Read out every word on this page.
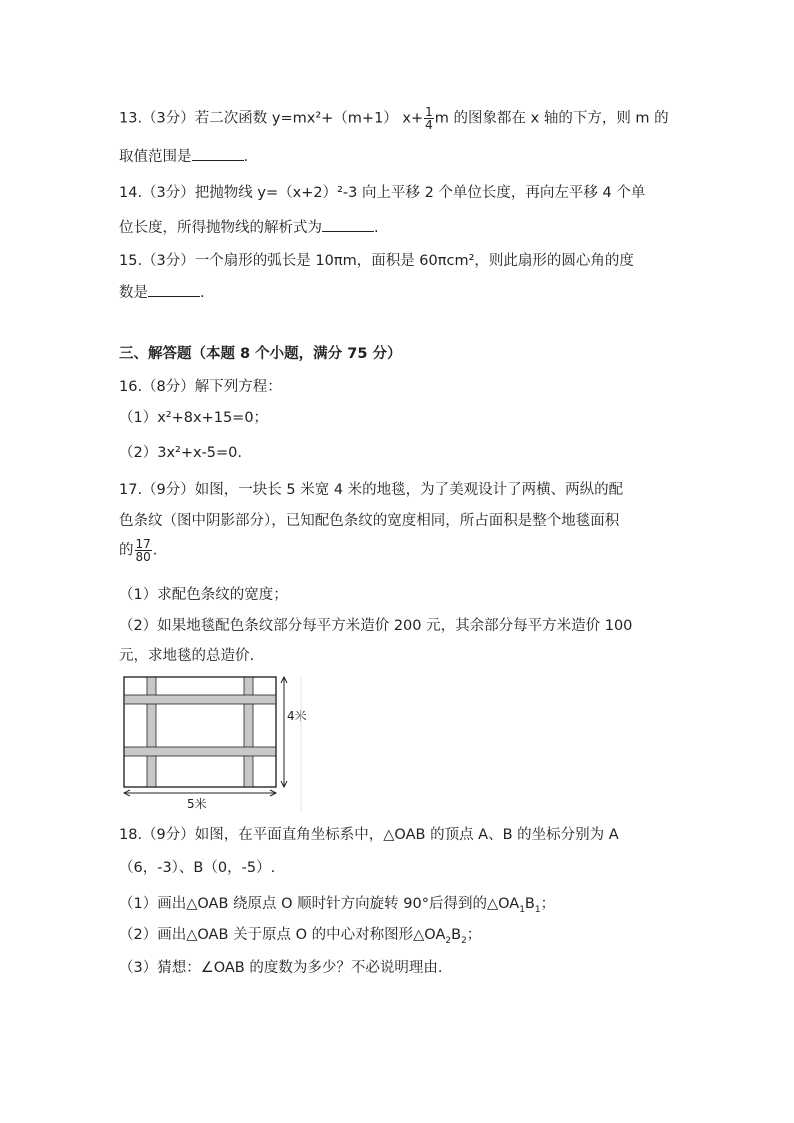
13.（3分）若二次函数 y=mx²+（m+1） $x+ \frac{1}{4}$ m 的图象都在 x 轴的下方，则 m 的
取值范围是	.
14.（3分）把抛物线 y=（x+2）²-3 向上平移 2 个单位长度，再向左平移 4 个单
位长度，所得抛物线的解析式为	.
15.（3分）一个扇形的弧长是 10πm，面积是 60πcm²，则此扇形的圆心角的度
数是	.
三、解答题（本题 8 个小题，满分 75 分）
16.（8分）解下列方程：
（1）x²+8x+15=0；
（2）3x²+x-5=0.
17.（9分）如图，一块长 5 米宽 4 米的地毯，为了美观设计了两横、两纵的配
色条纹（图中阴影部分），已知配色条纹的宽度相同，所占面积是整个地毯面积
的 $\frac{17}{80}$ .
（1）求配色条纹的宽度；
（2）如果地毯配色条纹部分每平方米造价 200 元，其余部分每平方米造价 100
元，求地毯的总造价.
5米
4米
18.（9分）如图，在平面直角坐标系中，△OAB 的顶点 A、B 的坐标分别为 A
（6，-3）、B（0，-5）.
（1）画出△OAB 绕原点 O 顺时针方向旋转 90°后得到的$\triangle OA_1B_1$；
（2）画出△OAB 关于原点 O 的中心对称图形$\triangle OA_2B_2$；
（3）猜想：∠OAB 的度数为多少？不必说明理由.
